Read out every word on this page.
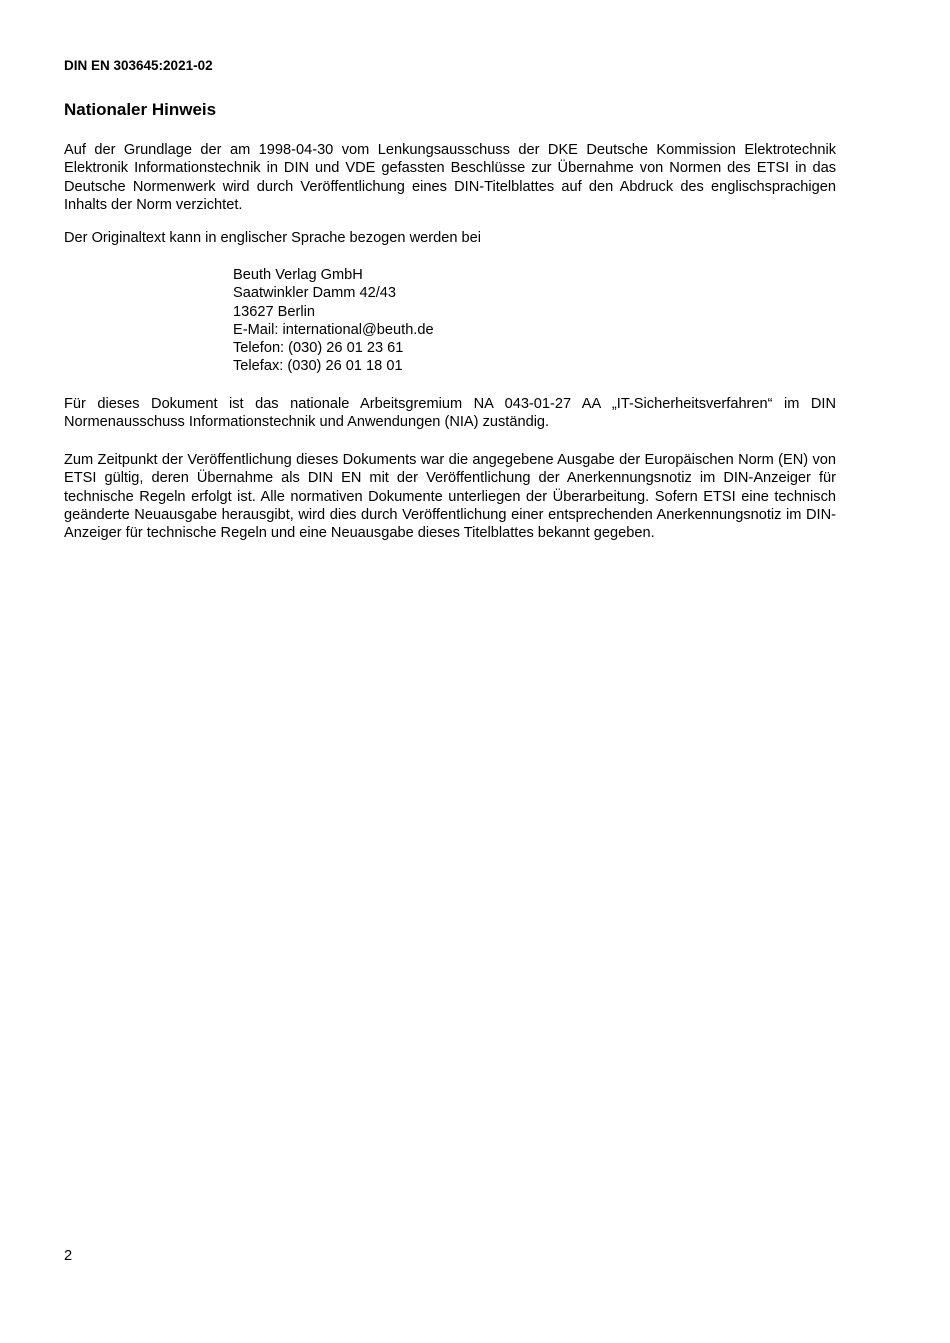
DIN EN 303645:2021-02
Nationaler Hinweis

Auf der Grundlage der am 1998-04-30 vom Lenkungsausschuss der DKE Deutsche Kommission Elektrotechnik Elektronik Informationstechnik in DIN und VDE gefassten Beschlüsse zur Übernahme von Normen des ETSI in das Deutsche Normenwerk wird durch Veröffentlichung eines DIN-Titelblattes auf den Abdruck des englischsprachigen Inhalts der Norm verzichtet.

Der Originaltext kann in englischer Sprache bezogen werden bei

Beuth Verlag GmbH
Saatwinkler Damm 42/43
13627 Berlin
E-Mail: international@beuth.de
Telefon: (030) 26 01 23 61
Telefax: (030) 26 01 18 01

Für dieses Dokument ist das nationale Arbeitsgremium NA 043-01-27 AA „IT-Sicherheitsverfahren“ im DIN Normenausschuss Informationstechnik und Anwendungen (NIA) zuständig.

Zum Zeitpunkt der Veröffentlichung dieses Dokuments war die angegebene Ausgabe der Europäischen Norm (EN) von ETSI gültig, deren Übernahme als DIN EN mit der Veröffentlichung der Anerkennungsnotiz im DIN-Anzeiger für technische Regeln erfolgt ist. Alle normativen Dokumente unterliegen der Überarbeitung. Sofern ETSI eine technisch geänderte Neuausgabe herausgibt, wird dies durch Veröffentlichung einer entsprechenden Anerkennungsnotiz im DIN-Anzeiger für technische Regeln und eine Neuausgabe dieses Titelblattes bekannt gegeben.

2
